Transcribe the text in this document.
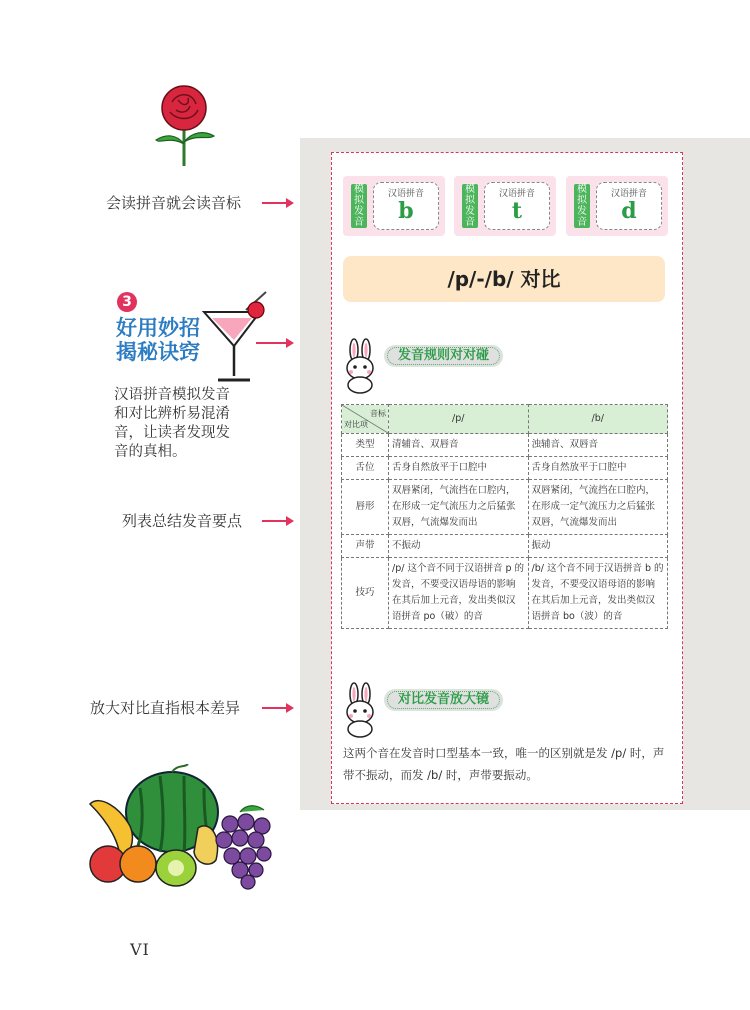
会读拼音就会读音标
3
好用妙招
揭秘诀窍
汉语拼音模拟发音
和对比辨析易混淆
音，让读者发现发
音的真相。
列表总结发音要点
放大对比直指根本差异
VI
模
拟
发
音
汉语拼音
b
模
拟
发
音
汉语拼音
t
模
拟
发
音
汉语拼音
d
/p/-/b/ 对比
发音规则对对碰
音标
对比项	/p/	/b/
类型	清辅音、双唇音	浊辅音、双唇音
舌位	舌身自然放平于口腔中	舌身自然放平于口腔中
唇形	双唇紧闭，气流挡在口腔内，在形成一定气流压力之后猛张双唇，气流爆发而出	双唇紧闭，气流挡在口腔内，在形成一定气流压力之后猛张双唇，气流爆发而出
声带	不振动	振动
技巧	/p/ 这个音不同于汉语拼音 p 的发音，不要受汉语母语的影响在其后加上元音，发出类似汉语拼音 po（破）的音	/b/ 这个音不同于汉语拼音 b 的发音，不要受汉语母语的影响在其后加上元音，发出类似汉语拼音 bo（波）的音
对比发音放大镜
这两个音在发音时口型基本一致，唯一的区别就是发 /p/ 时，声带不振动，而发 /b/ 时，声带要振动。
